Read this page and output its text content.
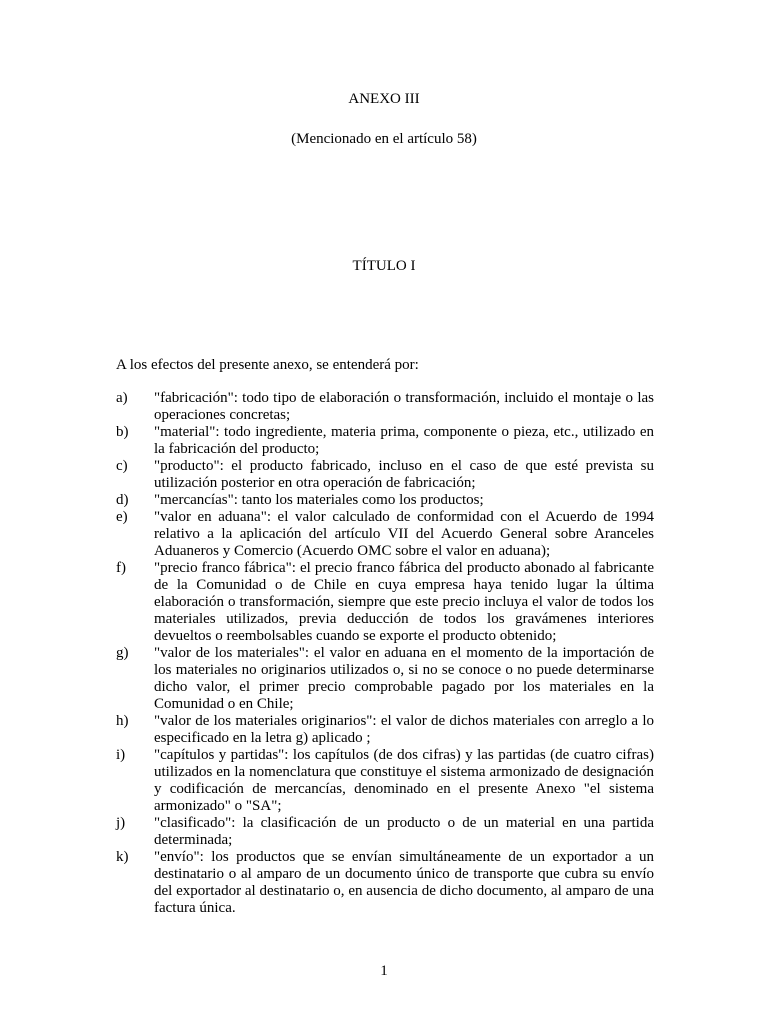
ANEXO III
(Mencionado en el artículo 58)
TÍTULO I
A los efectos del presente anexo, se entenderá por:
a) "fabricación": todo tipo de elaboración o transformación, incluido el montaje o las operaciones concretas;
b) "material": todo ingrediente, materia prima, componente o pieza, etc., utilizado en la fabricación del producto;
c) "producto": el producto fabricado, incluso en el caso de que esté prevista su utilización posterior en otra operación de fabricación;
d) "mercancías": tanto los materiales como los productos;
e) "valor en aduana": el valor calculado de conformidad con el Acuerdo de 1994 relativo a la aplicación del artículo VII del Acuerdo General sobre Aranceles Aduaneros y Comercio (Acuerdo OMC sobre el valor en aduana);
f) "precio franco fábrica": el precio franco fábrica del producto abonado al fabricante de la Comunidad o de Chile en cuya empresa haya tenido lugar la última elaboración o transformación, siempre que este precio incluya el valor de todos los materiales utilizados, previa deducción de todos los gravámenes interiores devueltos o reembolsables cuando se exporte el producto obtenido;
g) "valor de los materiales": el valor en aduana en el momento de la importación de los materiales no originarios utilizados o, si no se conoce o no puede determinarse dicho valor, el primer precio comprobable pagado por los materiales en la Comunidad o en Chile;
h) "valor de los materiales originarios": el valor de dichos materiales con arreglo a lo especificado en la letra g) aplicado ;
i) "capítulos y partidas": los capítulos (de dos cifras) y las partidas (de cuatro cifras) utilizados en la nomenclatura que constituye el sistema armonizado de designación y codificación de mercancías, denominado en el presente Anexo "el sistema armonizado" o "SA";
j) "clasificado": la clasificación de un producto o de un material en una partida determinada;
k) "envío": los productos que se envían simultáneamente de un exportador a un destinatario o al amparo de un documento único de transporte que cubra su envío del exportador al destinatario o, en ausencia de dicho documento, al amparo de una factura única.
1
